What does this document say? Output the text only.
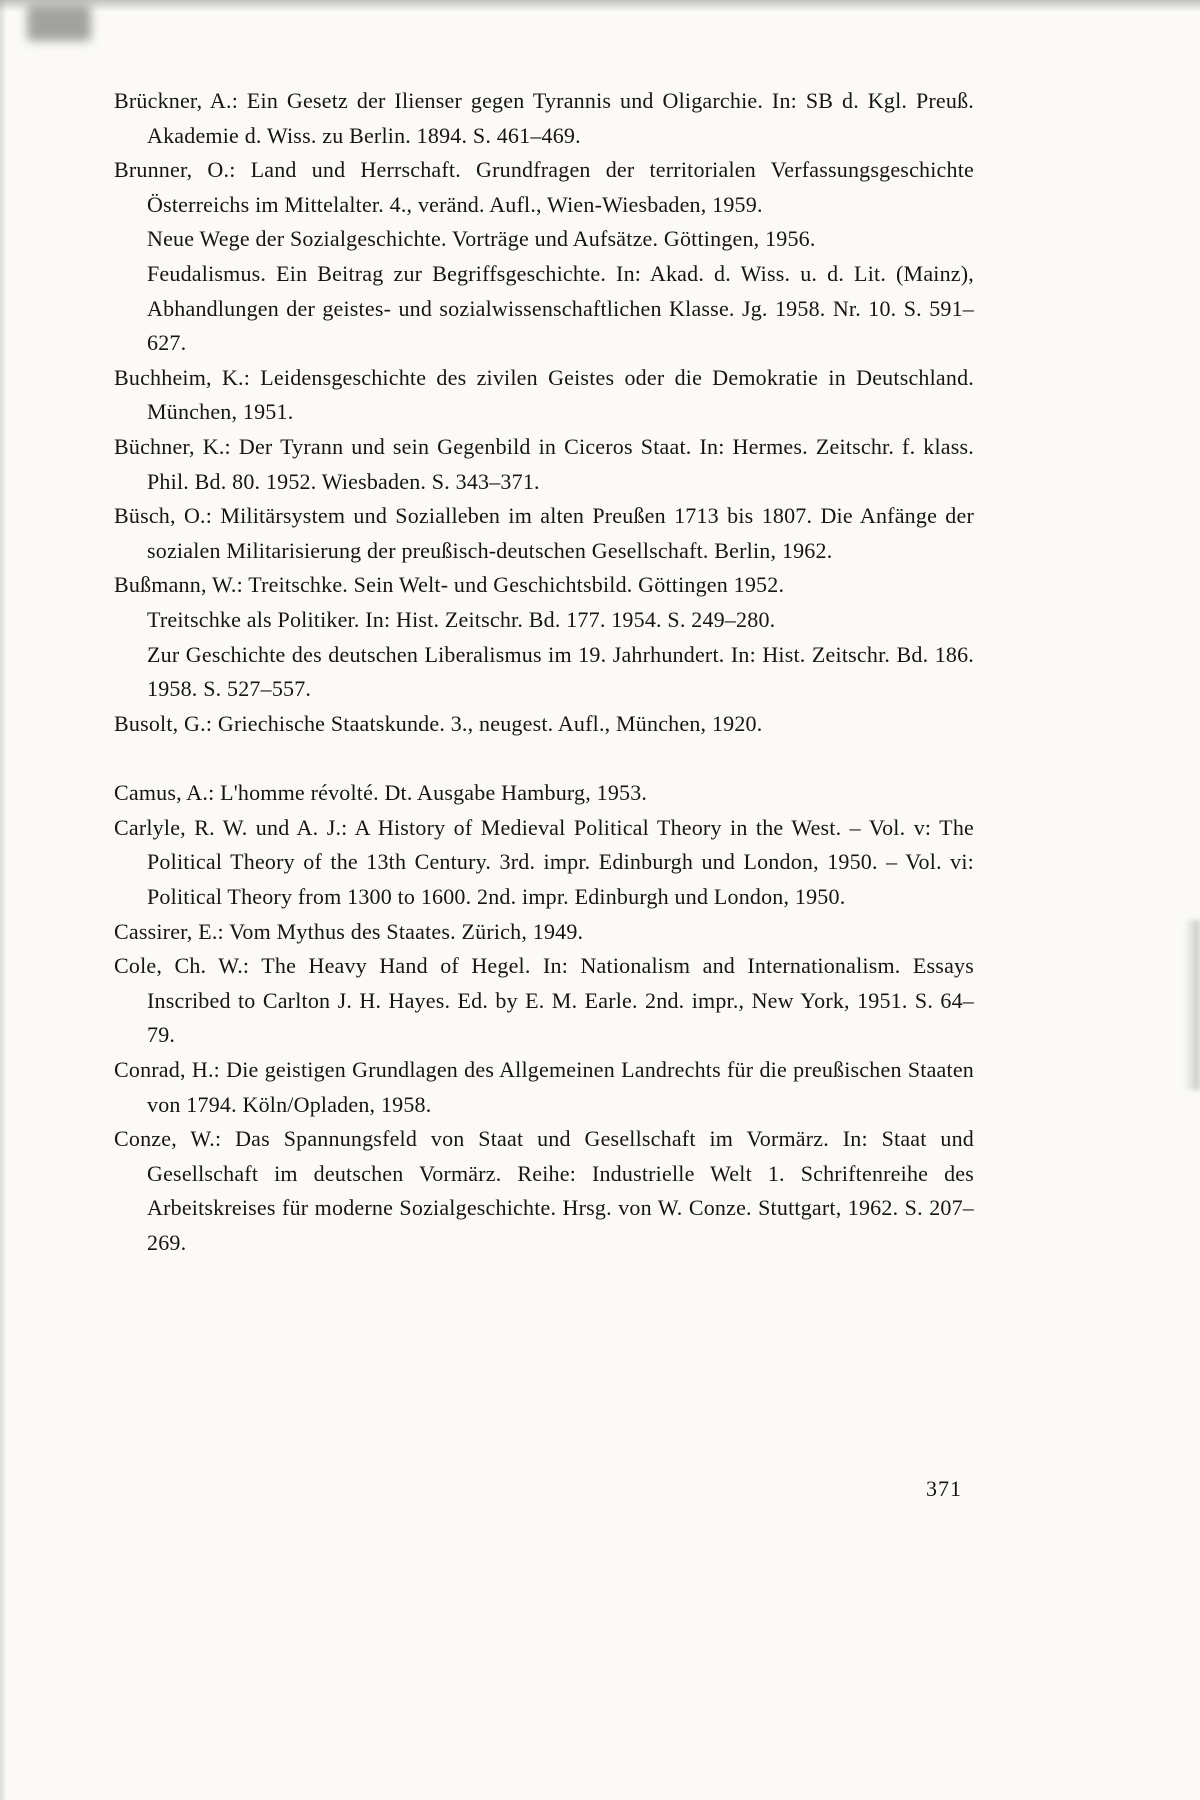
Brückner, A.: Ein Gesetz der Ilienser gegen Tyrannis und Oligarchie. In: SB d. Kgl. Preuß. Akademie d. Wiss. zu Berlin. 1894. S. 461–469.

Brunner, O.: Land und Herrschaft. Grundfragen der territorialen Verfassungsgeschichte Österreichs im Mittelalter. 4., veränd. Aufl., Wien-Wiesbaden, 1959.

Neue Wege der Sozialgeschichte. Vorträge und Aufsätze. Göttingen, 1956.

Feudalismus. Ein Beitrag zur Begriffsgeschichte. In: Akad. d. Wiss. u. d. Lit. (Mainz), Abhandlungen der geistes- und sozialwissenschaftlichen Klasse. Jg. 1958. Nr. 10. S. 591–627.

Buchheim, K.: Leidensgeschichte des zivilen Geistes oder die Demokratie in Deutschland. München, 1951.

Büchner, K.: Der Tyrann und sein Gegenbild in Ciceros Staat. In: Hermes. Zeitschr. f. klass. Phil. Bd. 80. 1952. Wiesbaden. S. 343–371.

Büsch, O.: Militärsystem und Sozialleben im alten Preußen 1713 bis 1807. Die Anfänge der sozialen Militarisierung der preußisch-deutschen Gesellschaft. Berlin, 1962.

Bußmann, W.: Treitschke. Sein Welt- und Geschichtsbild. Göttingen 1952.

Treitschke als Politiker. In: Hist. Zeitschr. Bd. 177. 1954. S. 249–280.

Zur Geschichte des deutschen Liberalismus im 19. Jahrhundert. In: Hist. Zeitschr. Bd. 186. 1958. S. 527–557.

Busolt, G.: Griechische Staatskunde. 3., neugest. Aufl., München, 1920.

Camus, A.: L'homme révolté. Dt. Ausgabe Hamburg, 1953.

Carlyle, R. W. und A. J.: A History of Medieval Political Theory in the West. – Vol. v: The Political Theory of the 13th Century. 3rd. impr. Edinburgh und London, 1950. – Vol. vi: Political Theory from 1300 to 1600. 2nd. impr. Edinburgh und London, 1950.

Cassirer, E.: Vom Mythus des Staates. Zürich, 1949.

Cole, Ch. W.: The Heavy Hand of Hegel. In: Nationalism and Internationalism. Essays Inscribed to Carlton J. H. Hayes. Ed. by E. M. Earle. 2nd. impr., New York, 1951. S. 64–79.

Conrad, H.: Die geistigen Grundlagen des Allgemeinen Landrechts für die preußischen Staaten von 1794. Köln/Opladen, 1958.

Conze, W.: Das Spannungsfeld von Staat und Gesellschaft im Vormärz. In: Staat und Gesellschaft im deutschen Vormärz. Reihe: Industrielle Welt 1. Schriftenreihe des Arbeitskreises für moderne Sozialgeschichte. Hrsg. von W. Conze. Stuttgart, 1962. S. 207–269.

371
